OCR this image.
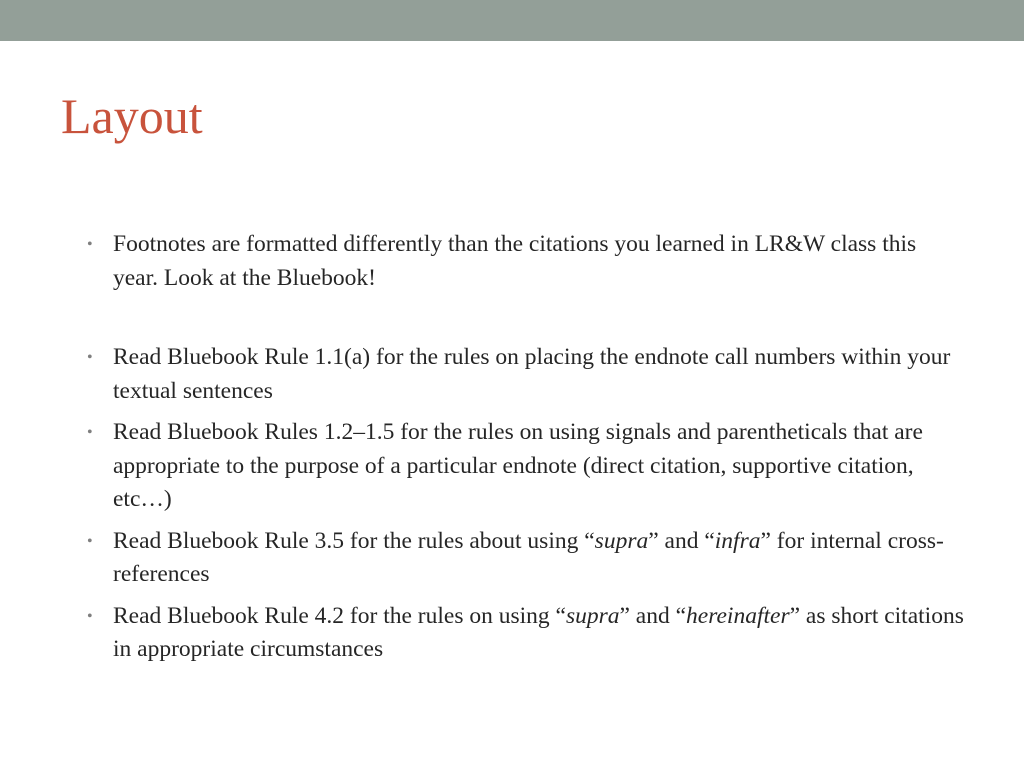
Layout
• Footnotes are formatted differently than the citations you learned in LR&W class this year. Look at the Bluebook!
• Read Bluebook Rule 1.1(a) for the rules on placing the endnote call numbers within your textual sentences
• Read Bluebook Rules 1.2–1.5 for the rules on using signals and parentheticals that are appropriate to the purpose of a particular endnote (direct citation, supportive citation, etc…)
• Read Bluebook Rule 3.5 for the rules about using “supra” and “infra” for internal cross-references
• Read Bluebook Rule 4.2 for the rules on using “supra” and “hereinafter” as short citations in appropriate circumstances
